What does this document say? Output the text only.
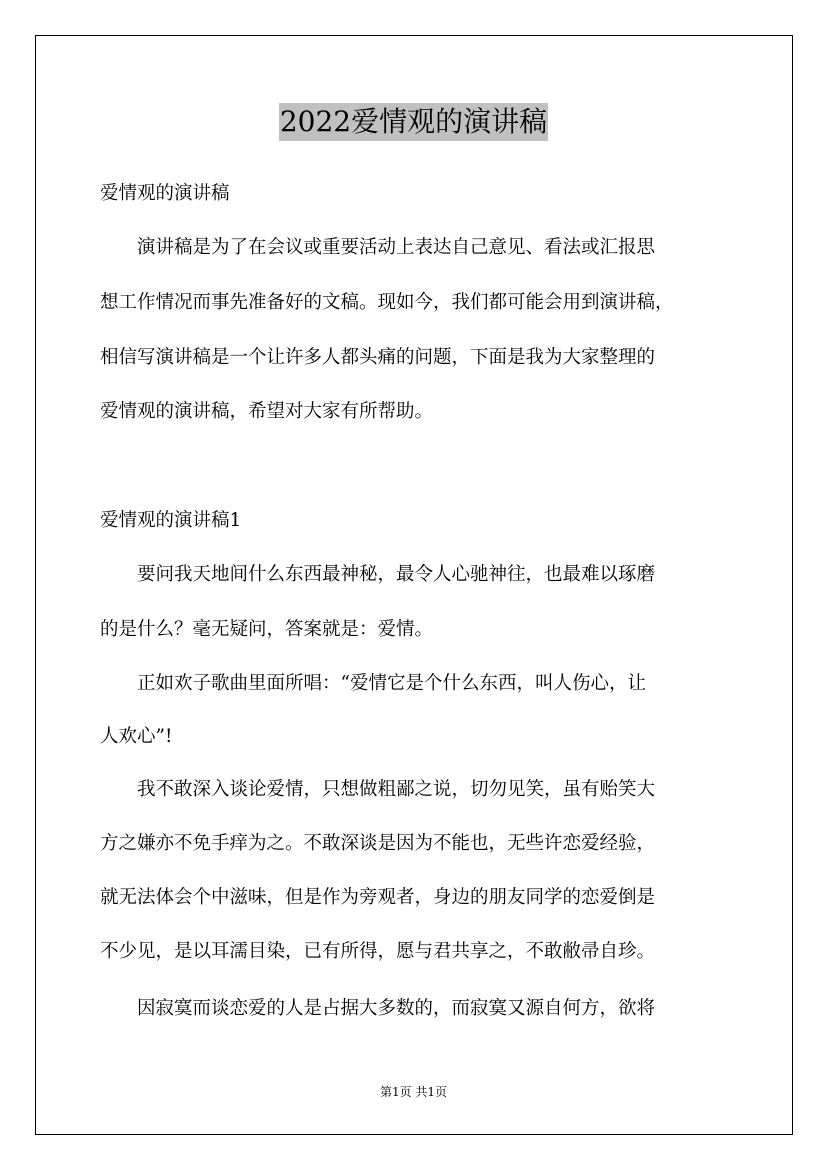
2022爱情观的演讲稿

爱情观的演讲稿

演讲稿是为了在会议或重要活动上表达自己意见、看法或汇报思

想工作情况而事先准备好的文稿。现如今，我们都可能会用到演讲稿，

相信写演讲稿是一个让许多人都头痛的问题，下面是我为大家整理的

爱情观的演讲稿，希望对大家有所帮助。

爱情观的演讲稿1

要问我天地间什么东西最神秘，最令人心驰神往，也最难以琢磨

的是什么？毫无疑问，答案就是：爱情。

正如欢子歌曲里面所唱：“爱情它是个什么东西，叫人伤心，让

人欢心”!

我不敢深入谈论爱情，只想做粗鄙之说，切勿见笑，虽有贻笑大

方之嫌亦不免手痒为之。不敢深谈是因为不能也，无些许恋爱经验，

就无法体会个中滋味，但是作为旁观者，身边的朋友同学的恋爱倒是

不少见，是以耳濡目染，已有所得，愿与君共享之，不敢敝帚自珍。

因寂寞而谈恋爱的人是占据大多数的，而寂寞又源自何方，欲将

第1页 共1页
